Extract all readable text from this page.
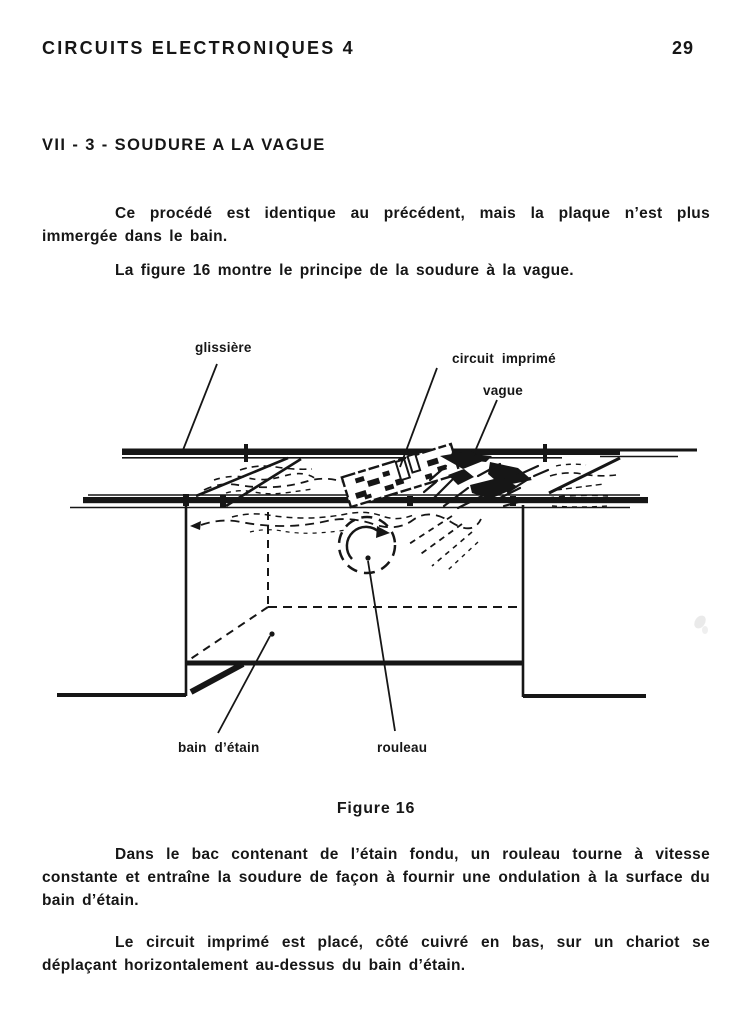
CIRCUITS ELECTRONIQUES 4	29
VII - 3 - SOUDURE A LA VAGUE

Ce procédé est identique au précédent, mais la plaque n’est plus immergée dans le bain.

La figure 16 montre le principe de la soudure à la vague.

glissière
circuit imprimé
vague
bain d’étain	rouleau
Figure 16

Dans le bac contenant de l’étain fondu, un rouleau tourne à vitesse constante et entraîne la soudure de façon à fournir une ondulation à la surface du bain d’étain.

Le circuit imprimé est placé, côté cuivré en bas, sur un chariot se déplaçant horizontalement au-dessus du bain d’étain.
